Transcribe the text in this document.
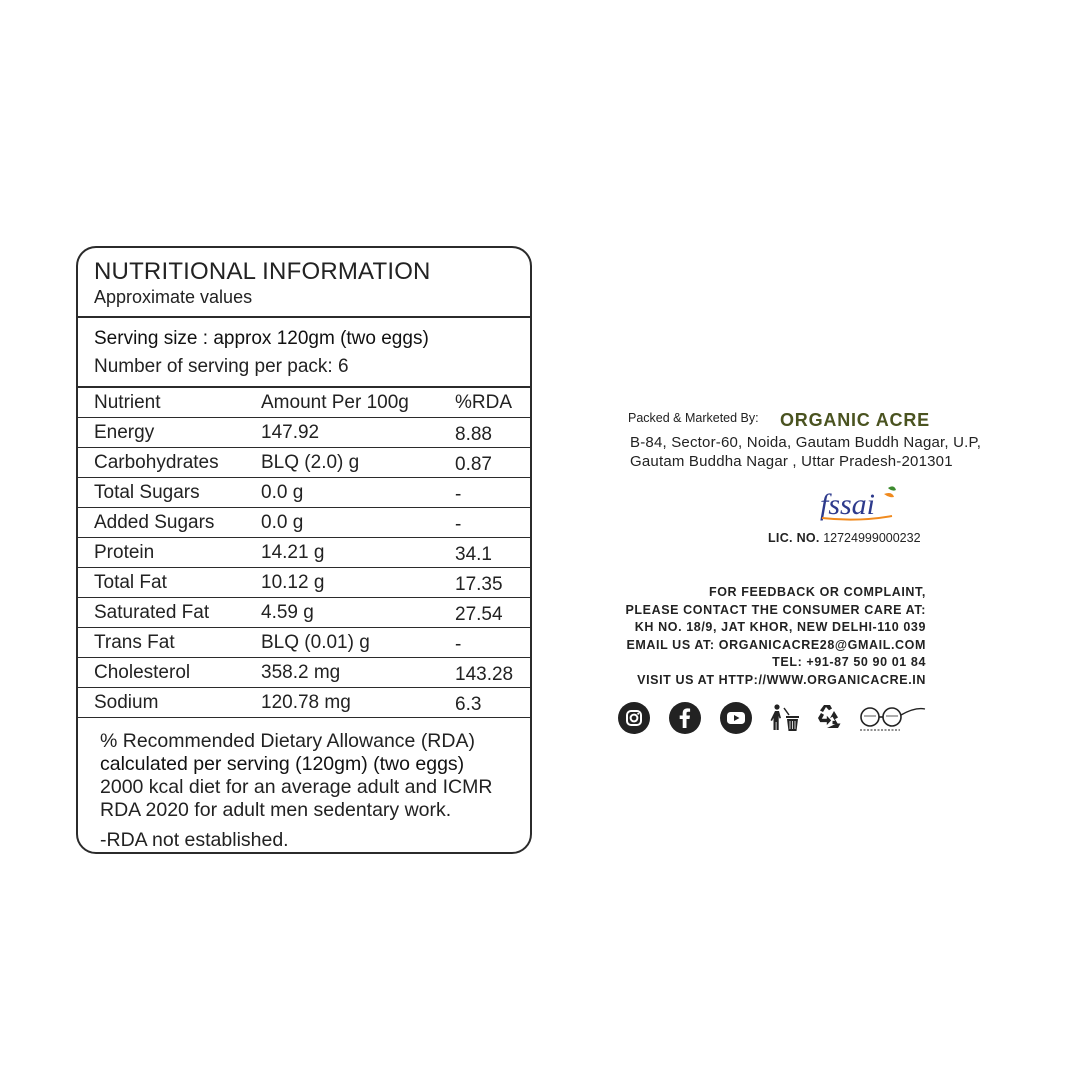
NUTRITIONAL INFORMATION
Approximate values
Serving size : approx 120gm (two eggs)
Number of serving per pack: 6
Nutrient	Amount Per 100g %RDA
Energy	147.92	8.88
Carbohydrates BLQ (2.0) g	0.87
Total Sugars	0.0 g	-
Added Sugars 0.0 g	-
Protein	14.21 g	34.1
Total Fat	10.12 g	17.35
Saturated Fat	4.59 g	27.54
Trans Fat	BLQ (0.01) g	-
Cholesterol	358.2 mg	143.28
Sodium	120.78 mg	6.3
% Recommended Dietary Allowance (RDA)
calculated per serving (120gm) (two eggs)
2000 kcal diet for an average adult and ICMR
RDA 2020 for adult men sedentary work.
-RDA not established.
Packed & Marketed By: ORGANIC ACRE
B-84, Sector-60, Noida, Gautam Buddh Nagar, U.P,
Gautam Buddha Nagar , Uttar Pradesh-201301
fssai
LIC. NO. 12724999000232
FOR FEEDBACK OR COMPLAINT,
PLEASE CONTACT THE CONSUMER CARE AT:
KH NO. 18/9, JAT KHOR, NEW DELHI-110 039
EMAIL US AT: ORGANICACRE28@GMAIL.COM
TEL: +91-87 50 90 01 84
VISIT US AT HTTP://WWW.ORGANICACRE.IN
